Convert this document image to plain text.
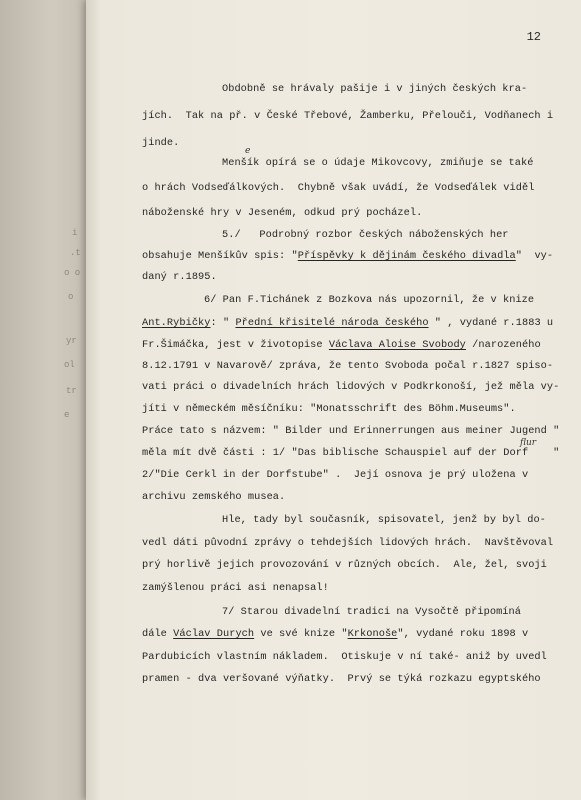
i
.t
o o
o
yr
ol
tr
e
12
Obdobně se hrávaly pašije i v jiných českých kra-
jích.  Tak na př. v České Třebové, Žamberku, Přelouči, Vodňanech i
jinde.
Menšík opírá se o údaje Mikovcovy, zmiňuje se také
o hrách Vodseďálkových.  Chybně však uvádí, že Vodseďálek viděl
náboženské hry v Jeseném, odkud prý pocházel.
5./   Podrobný rozbor českých náboženských her
obsahuje Menšíkův spis: "Příspěvky k dějinám českého divadla"  vy-
daný r.1895.
6/ Pan F.Tichánek z Bozkova nás upozornil, že v knize
Ant.Rybičky: " Přední křisitelé národa českého " , vydané r.1883 u
Fr.Šimáčka, jest v životopise Václava Aloise Svobody /narozeného
8.12.1791 v Navarově/ zpráva, že tento Svoboda počal r.1827 spiso-
vati práci o divadelních hrách lidových v Podkrkonoší, jež měla vy-
jíti v německém měsíčníku: "Monatsschrift des Böhm.Museums".
Práce tato s názvem: " Bilder und Erinnerrungen aus meiner Jugend "
měla mít dvě části : 1/ "Das biblische Schauspiel auf der Dorf    "
2/"Die Cerkl in der Dorfstube" .  Její osnova je prý uložena v
archivu zemského musea.
Hle, tady byl současník, spisovatel, jenž by byl do-
vedl dáti původní zprávy o tehdejších lidových hrách.  Navštěvoval
prý horlivě jejich provozování v různých obcích.  Ale, žel, svoji
zamýšlenou práci asi nenapsal!
7/ Starou divadelní tradici na Vysočtě připomíná
dále Václav Durych ve své knize "Krkonoše", vydané roku 1898 v
Pardubicích vlastním nákladem.  Otiskuje v ní také- aniž by uvedl
pramen - dva veršované výňatky.  Prvý se týká rozkazu egyptského
e
flur
